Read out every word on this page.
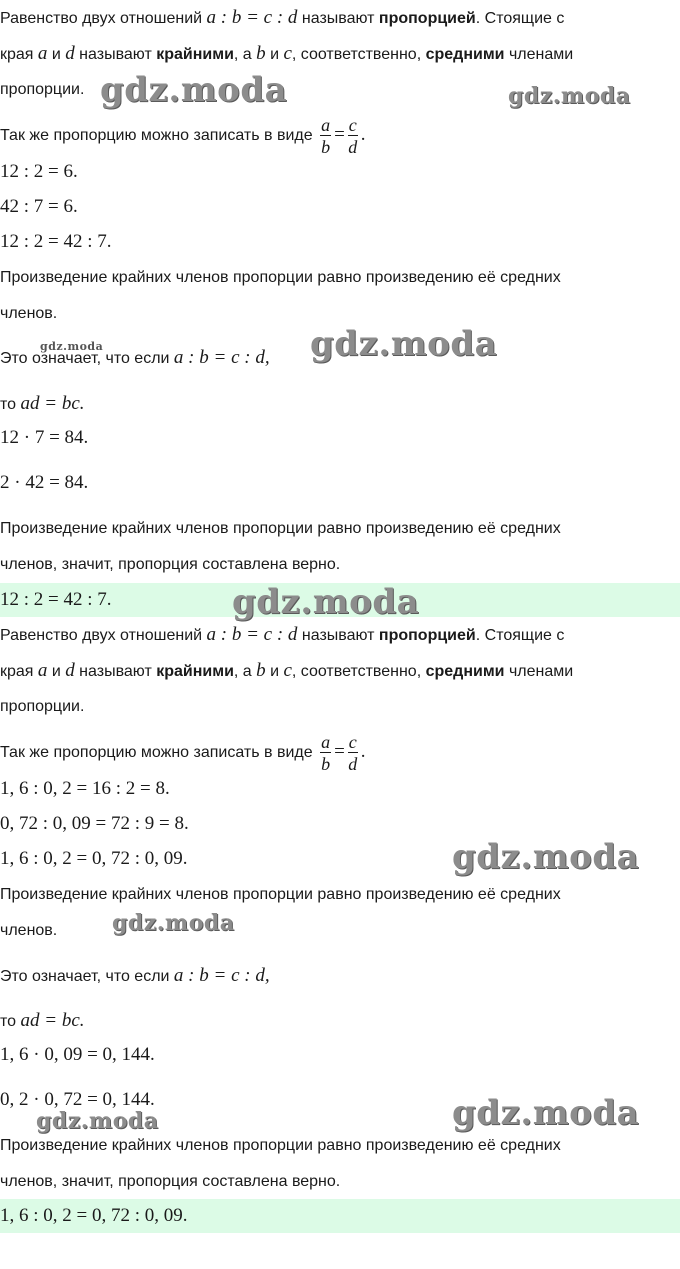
Равенство двух отношений a : b = c : d называют пропорцией. Стоящие с
края a и d называют крайними, а b и c, соответственно, средними членами
пропорции.
Так же пропорцию можно записать в виде $\frac{a}{b} = \frac{c}{d}$ .
12 : 2 = 6.
42 : 7 = 6.
12 : 2 = 42 : 7.
Произведение крайних членов пропорции равно произведению её средних
членов.
Это означает, что если a : b = c : d,
то ad = bc.
12 · 7 = 84.
2 · 42 = 84.
Произведение крайних членов пропорции равно произведению её средних
членов, значит, пропорция составлена верно.
12 : 2 = 42 : 7.
Равенство двух отношений a : b = c : d называют пропорцией. Стоящие с
края a и d называют крайними, а b и c, соответственно, средними членами
пропорции.
Так же пропорцию можно записать в виде $\frac{a}{b} = \frac{c}{d}$ .
1, 6 : 0, 2 = 16 : 2 = 8.
0, 72 : 0, 09 = 72 : 9 = 8.
1, 6 : 0, 2 = 0, 72 : 0, 09.
Произведение крайних членов пропорции равно произведению её средних
членов.
Это означает, что если a : b = c : d,
то ad = bc.
1, 6 · 0, 09 = 0, 144.
0, 2 · 0, 72 = 0, 144.
Произведение крайних членов пропорции равно произведению её средних
членов, значит, пропорция составлена верно.
1, 6 : 0, 2 = 0, 72 : 0, 09.
gdz.moda	gdz.moda
gdz.moda	gdz.moda
gdz.moda
gdz.moda
gdz.moda
gdz.moda	gdz.moda
